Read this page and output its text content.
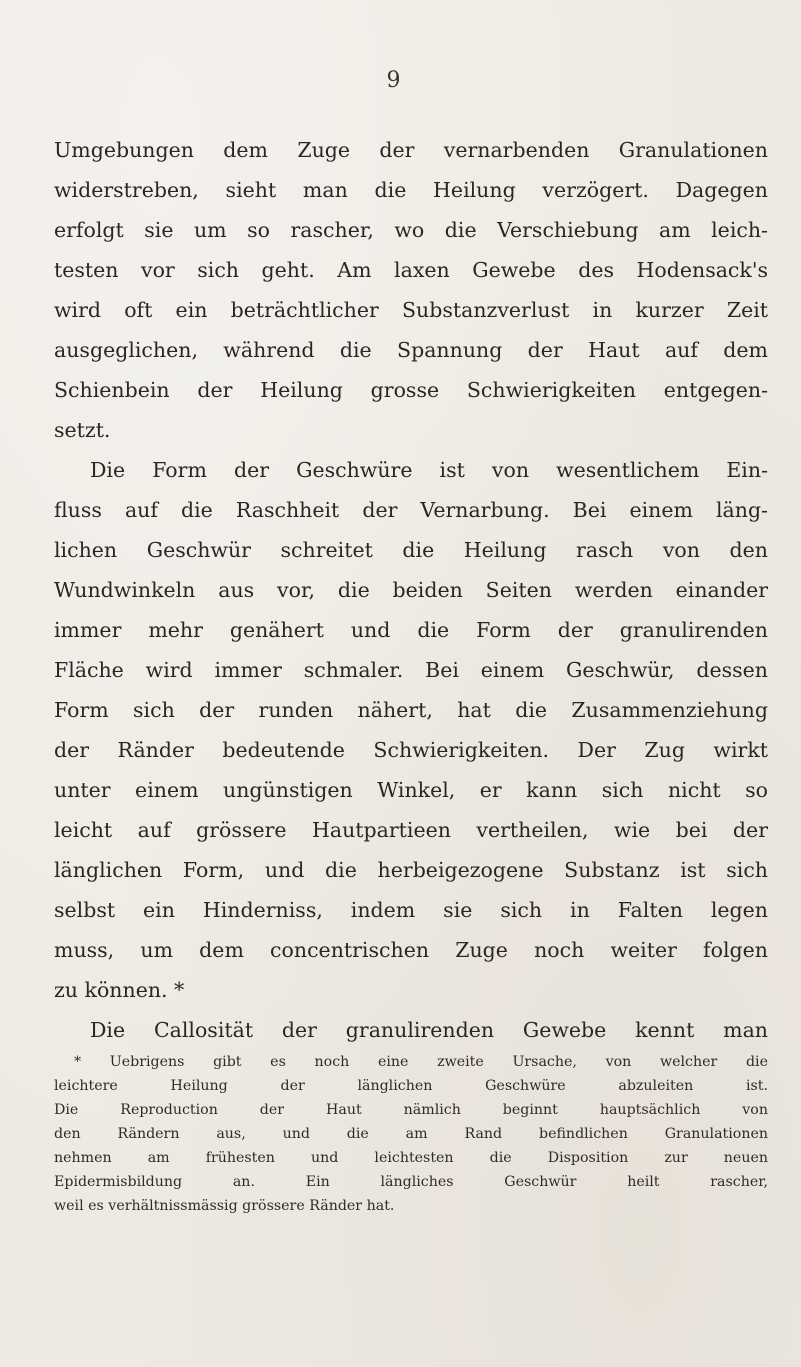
9
Umgebungen dem Zuge der vernarbenden Granulationen
widerstreben, sieht man die Heilung verzögert. Dagegen
erfolgt sie um so rascher, wo die Verschiebung am leich-
testen vor sich geht. Am laxen Gewebe des Hodensack's
wird oft ein beträchtlicher Substanzverlust in kurzer Zeit
ausgeglichen, während die Spannung der Haut auf dem
Schienbein der Heilung grosse Schwierigkeiten entgegen-
setzt.
Die Form der Geschwüre ist von wesentlichem Ein-
fluss auf die Raschheit der Vernarbung. Bei einem läng-
lichen Geschwür schreitet die Heilung rasch von den
Wundwinkeln aus vor, die beiden Seiten werden einander
immer mehr genähert und die Form der granulirenden
Fläche wird immer schmaler. Bei einem Geschwür, dessen
Form sich der runden nähert, hat die Zusammenziehung
der Ränder bedeutende Schwierigkeiten. Der Zug wirkt
unter einem ungünstigen Winkel, er kann sich nicht so
leicht auf grössere Hautpartieen vertheilen, wie bei der
länglichen Form, und die herbeigezogene Substanz ist sich
selbst ein Hinderniss, indem sie sich in Falten legen
muss, um dem concentrischen Zuge noch weiter folgen
zu können. *
Die Callosität der granulirenden Gewebe kennt man
* Uebrigens gibt es noch eine zweite Ursache, von welcher die
leichtere Heilung der länglichen Geschwüre abzuleiten ist.
Die Reproduction der Haut nämlich beginnt hauptsächlich von
den Rändern aus, und die am Rand befindlichen Granulationen
nehmen am frühesten und leichtesten die Disposition zur neuen
Epidermisbildung an. Ein längliches Geschwür heilt rascher,
weil es verhältnissmässig grössere Ränder hat.
